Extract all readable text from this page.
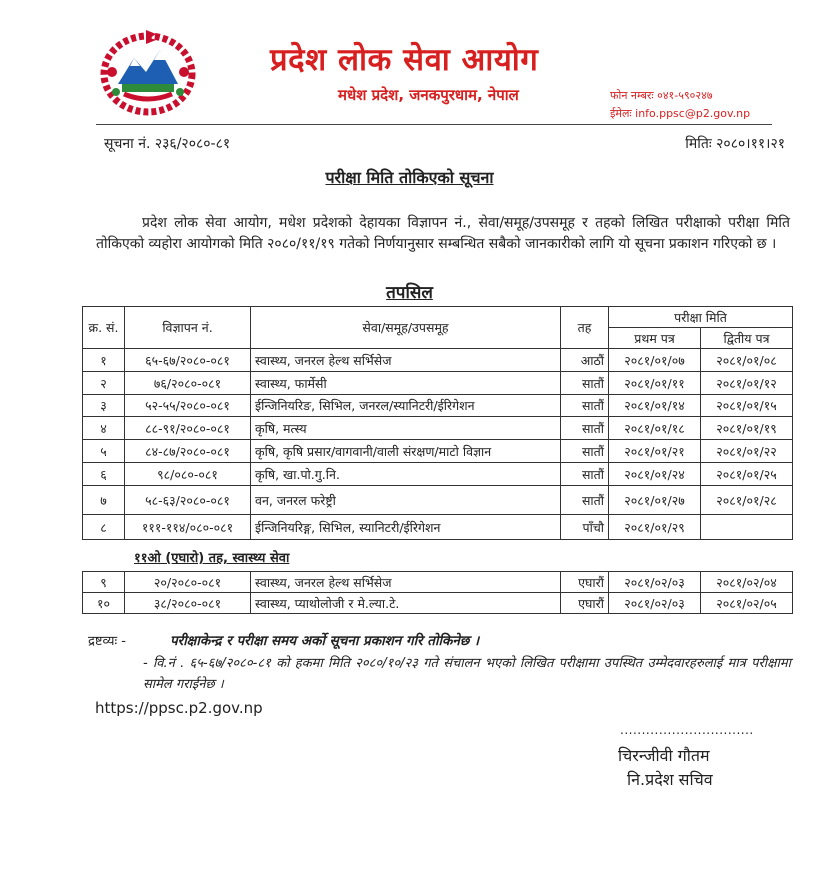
प्रदेश लोक सेवा आयोग
मधेश प्रदेश, जनकपुरधाम, नेपाल	फोन नम्बरः ०४१-५९०२४७
ईमेलः info.ppsc@p2.gov.np
सूचना नं. २३६/२०८०-८१	मितिः २०८०।११।२१
परीक्षा मिति तोकिएको सूचना
प्रदेश लोक सेवा आयोग, मधेश प्रदेशको देहायका विज्ञापन नं., सेवा/समूह/उपसमूह र तहको लिखित परीक्षाको परीक्षा मिति तोकिएको व्यहोरा आयोगको मिति २०८०/११/१९ गतेको निर्णयानुसार सम्बन्धित सबैको जानकारीको लागि यो सूचना प्रकाशन गरिएको छ ।
तपसिल
क्र. सं.	विज्ञापन नं.	सेवा/समूह/उपसमूह	तह	परीक्षा मिति	
				प्रथम पत्र	द्वितीय पत्र
१	६५-६७/२०८०-०८१	स्वास्थ्य, जनरल हेल्थ सर्भिसेज	आठौं	२०८१/०१/०७	२०८१/०१/०८
२	७६/२०८०-०८१	स्वास्थ्य, फार्मेसी	सातौं	२०८१/०१/११	२०८१/०१/१२
३	५२-५५/२०८०-०८१	ईन्जिनियरिङ, सिभिल, जनरल/स्यानिटरी/ईरिगेशन	सातौं	२०८१/०१/१४	२०८१/०१/१५
४	८८-९१/२०८०-०८१	कृषि, मत्स्य	सातौं	२०८१/०१/१८	२०८१/०१/१९
५	८४-८७/२०८०-०८१	कृषि, कृषि प्रसार/वागवानी/वाली संरक्षण/माटो विज्ञान	सातौं	२०८१/०१/२१	२०८१/०१/२२
६	९८/०८०-०८१	कृषि, खा.पो.गु.नि.	सातौं	२०८१/०१/२४	२०८१/०१/२५
७	५८-६३/२०८०-०८१	वन, जनरल फरेष्ट्री	सातौं	२०८१/०१/२७	२०८१/०१/२८
८	१११-११४/०८०-०८१	ईन्जिनियरिङ्ग, सिभिल, स्यानिटरी/ईरिगेशन	पाँचौ	२०८१/०१/२९	
११ओ (एघारो) तह, स्वास्थ्य सेवा
९	२०/२०८०-०८१	स्वास्थ्य, जनरल हेल्थ सर्भिसेज	एघारौं	२०८१/०२/०३	२०८१/०२/०४
१०	३८/२०८०-०८१	स्वास्थ्य, प्याथोलोजी र मे.ल्या.टे.	एघारौं	२०८१/०२/०३	२०८१/०२/०५
द्रष्टव्यः -	परीक्षाकेन्द्र र परीक्षा समय अर्को सूचना प्रकाशन गरि तोकिनेछ ।
- वि.नं . ६५-६७/२०८०-८१ को हकमा मिति २०८०/१०/२३ गते संचालन भएको लिखित परीक्षामा उपस्थित उम्मेदवारहरुलाई मात्र परीक्षामा सामेल गराईनेछ ।
https://ppsc.p2.gov.np
...............................
चिरन्जीवी गौतम
नि.प्रदेश सचिव
